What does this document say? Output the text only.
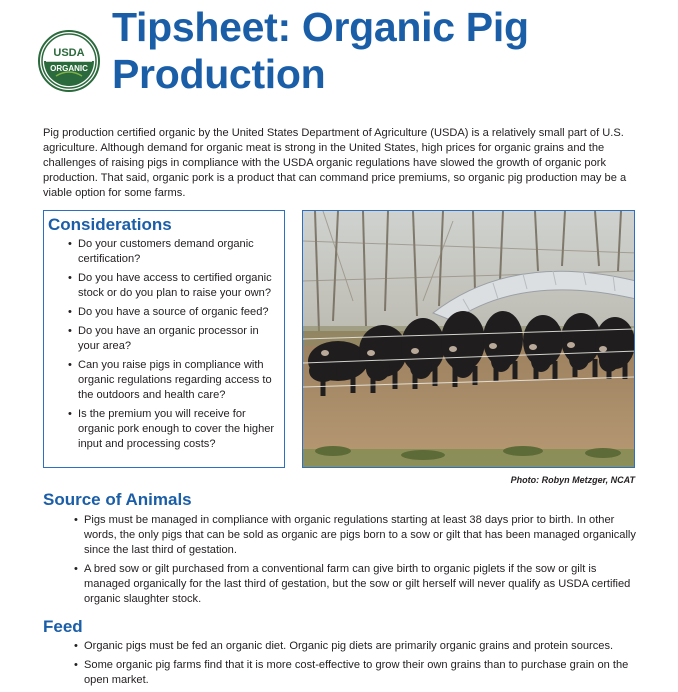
USDA
ORGANIC
Tipsheet: Organic Pig Production

Pig production certified organic by the United States Department of Agriculture (USDA) is a relatively small part of U.S. agriculture. Although demand for organic meat is strong in the United States, high prices for organic grains and the challenges of raising pigs in compliance with the USDA organic regulations have slowed the growth of organic pork production. That said, organic pork is a product that can command price premiums, so organic pig production may be a viable option for some farms.

Considerations
• Do your customers demand organic certification?
• Do you have access to certified organic stock or do you plan to raise your own?
• Do you have a source of organic feed?
• Do you have an organic processor in your area?
• Can you raise pigs in compliance with organic regulations regarding access to the outdoors and health care?
• Is the premium you will receive for organic pork enough to cover the higher input and processing costs?
Photo: Robyn Metzger, NCAT
Source of Animals
• Pigs must be managed in compliance with organic regulations starting at least 38 days prior to birth. In other words, the only pigs that can be sold as organic are pigs born to a sow or gilt that has been managed organically since the last third of gestation.
• A bred sow or gilt purchased from a conventional farm can give birth to organic piglets if the sow or gilt is managed organically for the last third of gestation, but the sow or gilt herself will never qualify as USDA certified organic slaughter stock.
Feed
• Organic pigs must be fed an organic diet. Organic pig diets are primarily organic grains and protein sources.
• Some organic pig farms find that it is more cost-effective to grow their own grains than to purchase grain on the open market.
